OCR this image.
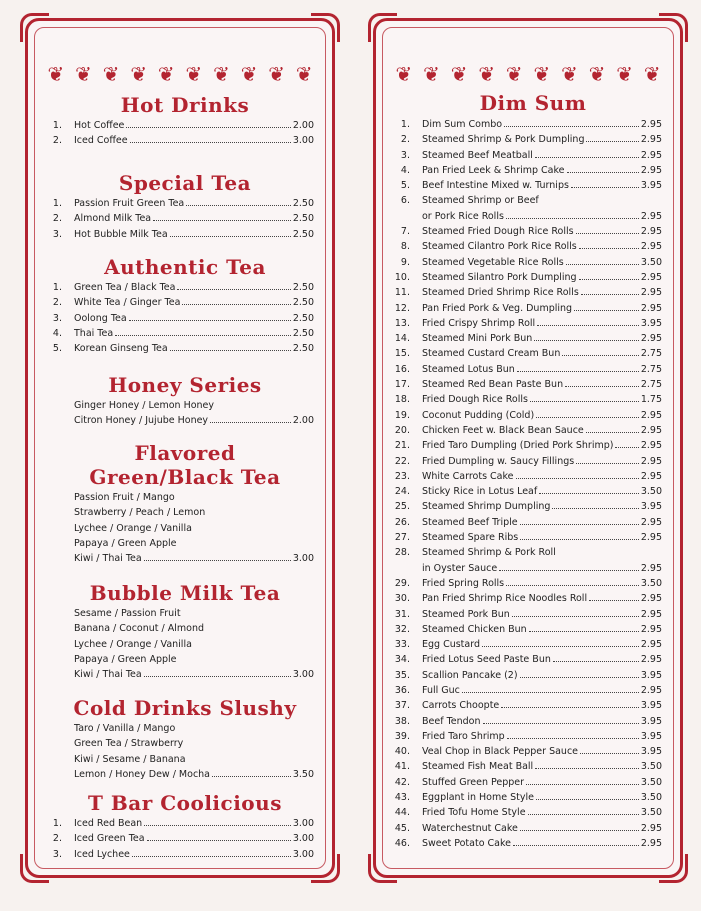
❦ ❦ ❦ ❦ ❦ ❦ ❦ ❦ ❦ ❦
Hot Drinks
1.	Hot Coffee	2.00
2.	Iced Coffee	3.00
Special Tea
1.	Passion Fruit Green Tea	2.50
2.	Almond Milk Tea	2.50
3.	Hot Bubble Milk Tea	2.50
Authentic Tea
1.	Green Tea / Black Tea	2.50
2.	White Tea / Ginger Tea	2.50
3.	Oolong Tea	2.50
4.	Thai Tea	2.50
5.	Korean Ginseng Tea	2.50
Honey Series
Ginger Honey / Lemon Honey
Citron Honey / Jujube Honey	2.00
Flavored
Green/Black Tea
Passion Fruit / Mango
Strawberry / Peach / Lemon
Lychee / Orange / Vanilla
Papaya / Green Apple
Kiwi / Thai Tea	3.00
Bubble Milk Tea
Sesame / Passion Fruit
Banana / Coconut / Almond
Lychee / Orange / Vanilla
Papaya / Green Apple
Kiwi / Thai Tea	3.00
Cold Drinks Slushy
Taro / Vanilla / Mango
Green Tea / Strawberry
Kiwi / Sesame / Banana
Lemon / Honey Dew / Mocha	3.50
T Bar Coolicious
1.	Iced Red Bean	3.00
2.	Iced Green Tea	3.00
3.	Iced Lychee	3.00
❦ ❦ ❦ ❦ ❦ ❦ ❦ ❦ ❦ ❦
Dim Sum
1.	Dim Sum Combo	2.95
2.	Steamed Shrimp & Pork Dumpling	2.95
3.	Steamed Beef Meatball	2.95
4.	Pan Fried Leek & Shrimp Cake	2.95
5.	Beef Intestine Mixed w. Turnips	3.95
6.	Steamed Shrimp or Beef
or Pork Rice Rolls	2.95
7.	Steamed Fried Dough Rice Rolls	2.95
8.	Steamed Cilantro Pork Rice Rolls	2.95
9.	Steamed Vegetable Rice Rolls	3.50
10.	Steamed Silantro Pork Dumpling	2.95
11.	Steamed Dried Shrimp Rice Rolls	2.95
12.	Pan Fried Pork & Veg. Dumpling	2.95
13.	Fried Crispy Shrimp Roll	3.95
14.	Steamed Mini Pork Bun	2.95
15.	Steamed Custard Cream Bun	2.75
16.	Steamed Lotus Bun	2.75
17.	Steamed Red Bean Paste Bun	2.75
18.	Fried Dough Rice Rolls	1.75
19.	Coconut Pudding (Cold)	2.95
20.	Chicken Feet w. Black Bean Sauce	2.95
21.	Fried Taro Dumpling (Dried Pork Shrimp)	2.95
22.	Fried Dumpling w. Saucy Fillings	2.95
23.	White Carrots Cake	2.95
24.	Sticky Rice in Lotus Leaf	3.50
25.	Steamed Shrimp Dumpling	3.95
26.	Steamed Beef Triple	2.95
27.	Steamed Spare Ribs	2.95
28.	Steamed Shrimp & Pork Roll
in Oyster Sauce	2.95
29.	Fried Spring Rolls	3.50
30.	Pan Fried Shrimp Rice Noodles Roll	2.95
31.	Steamed Pork Bun	2.95
32.	Steamed Chicken Bun	2.95
33.	Egg Custard	2.95
34.	Fried Lotus Seed Paste Bun	2.95
35.	Scallion Pancake (2)	3.95
36.	Full Guc	2.95
37.	Carrots Choopte	3.95
38.	Beef Tendon	3.95
39.	Fried Taro Shrimp	3.95
40.	Veal Chop in Black Pepper Sauce	3.95
41.	Steamed Fish Meat Ball	3.50
42.	Stuffed Green Pepper	3.50
43.	Eggplant in Home Style	3.50
44.	Fried Tofu Home Style	3.50
45.	Waterchestnut Cake	2.95
46.	Sweet Potato Cake	2.95
